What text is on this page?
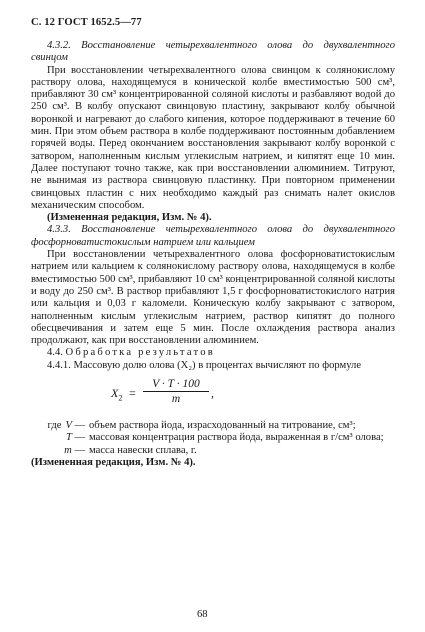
С. 12 ГОСТ 1652.5—77

4.3.2. Восстановление четырехвалентного олова до двухвалентного свинцом

При восстановлении четырехвалентного олова свинцом к солянокислому раствору олова, находящемуся в конической колбе вместимостью 500 см³, прибавляют 30 см³ концентрированной соляной кислоты и разбавляют водой до 250 см³. В колбу опускают свинцовую пластину, закрывают колбу обычной воронкой и нагревают до слабого кипения, которое поддерживают в течение 60 мин. При этом объем раствора в колбе поддерживают постоянным добавлением горячей воды. Перед окончанием восстановления закрывают колбу воронкой с затвором, наполненным кислым углекислым натрием, и кипятят еще 10 мин. Далее поступают точно также, как при восстановлении алюминием. Титруют, не вынимая из раствора свинцовую пластинку. При повторном применении свинцовых пластин с них необходимо каждый раз снимать налет окислов механическим способом.

(Измененная редакция, Изм. № 4).

4.3.3. Восстановление четырехвалентного олова до двухвалентного фосфорноватистокислым натрием или кальцием

При восстановлении четырехвалентного олова фосфорноватистокислым натрием или кальцием к солянокислому раствору олова, находящемуся в колбе вместимостью 500 см³, прибавляют 10 см³ концентрированной соляной кислоты и воду до 250 см³. В раствор прибавляют 1,5 г фосфорноватистокислого натрия или кальция и 0,03 г каломели. Коническую колбу закрывают с затвором, наполненным кислым углекислым натрием, раствор кипятят до полного обесцвечивания и затем еще 5 мин. После охлаждения раствора анализ продолжают, как при восстановлении алюминием.

4.4. Обработка результатов

4.4.1. Массовую долю олова (X₂) в процентах вычисляют по формуле

$X_2 = \frac{V \cdot T \cdot 100}{m}$ ,
где V — объем раствора йода, израсходованный на титрование, см³;
T — массовая концентрация раствора йода, выраженная в г/см³ олова;
m — масса навески сплава, г.

(Измененная редакция, Изм. № 4).

68
